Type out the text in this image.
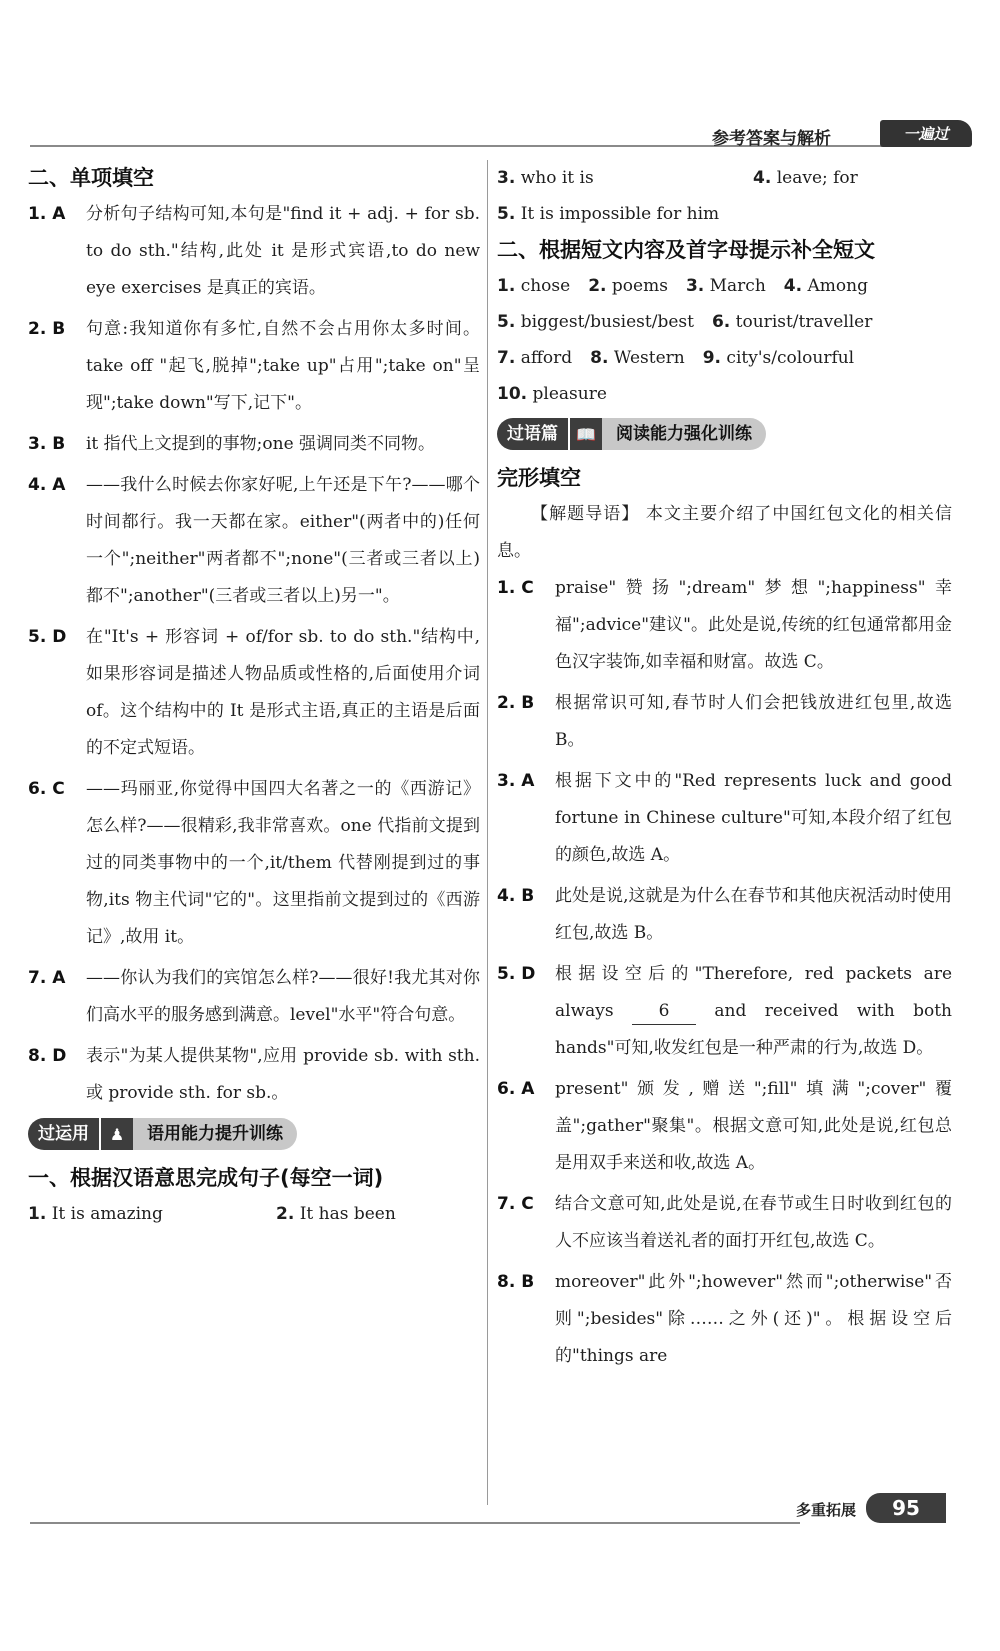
参考答案与解析	一遍过
二、单项填空
1. A	分析句子结构可知,本句是"find it + adj. + for sb. to do sth."结构,此处 it 是形式宾语,to do new eye exercises 是真正的宾语。
2. B	句意:我知道你有多忙,自然不会占用你太多时间。take off "起飞,脱掉";take up"占用";take on"呈现";take down"写下,记下"。
3. B	it 指代上文提到的事物;one 强调同类不同物。
4. A	——我什么时候去你家好呢,上午还是下午?——哪个时间都行。我一天都在家。either"(两者中的)任何一个";neither"两者都不";none"(三者或三者以上)都不";another"(三者或三者以上)另一"。
5. D	在"It's + 形容词 + of/for sb. to do sth."结构中,如果形容词是描述人物品质或性格的,后面使用介词 of。这个结构中的 It 是形式主语,真正的主语是后面的不定式短语。
6. C	——玛丽亚,你觉得中国四大名著之一的《西游记》怎么样?——很精彩,我非常喜欢。one 代指前文提到过的同类事物中的一个,it/them 代替刚提到过的事物,its 物主代词"它的"。这里指前文提到过的《西游记》,故用 it。
7. A	——你认为我们的宾馆怎么样?——很好!我尤其对你们高水平的服务感到满意。level"水平"符合句意。
8. D	表示"为某人提供某物",应用 provide sb. with sth. 或 provide sth. for sb.。
过运用	♟	语用能力提升训练
一、根据汉语意思完成句子(每空一词)
1. It is amazing	2. It has been
3. who it is	4. leave; for
5. It is impossible for him
二、根据短文内容及首字母提示补全短文
1. chose 2. poems 3. March 4. Among
5. biggest/busiest/best 6. tourist/traveller
7. afford 8. Western 9. city's/colourful
10. pleasure
过语篇	📖	阅读能力强化训练
完形填空
【解题导语】 本文主要介绍了中国红包文化的相关信息。
1. C	praise"赞扬";dream"梦想";happiness"幸福";advice"建议"。此处是说,传统的红包通常都用金色汉字装饰,如幸福和财富。故选 C。
2. B	根据常识可知,春节时人们会把钱放进红包里,故选 B。
3. A	根据下文中的"Red represents luck and good fortune in Chinese culture"可知,本段介绍了红包的颜色,故选 A。
4. B	此处是说,这就是为什么在春节和其他庆祝活动时使用红包,故选 B。
5. D	根据设空后的"Therefore, red packets are always	6	and received with both hands"可知,收发红包是一种严肃的行为,故选 D。
6. A	present"颁发,赠送";fill"填满";cover"覆盖";gather"聚集"。根据文意可知,此处是说,红包总是用双手来送和收,故选 A。
7. C	结合文意可知,此处是说,在春节或生日时收到红包的人不应该当着送礼者的面打开红包,故选 C。
8. B	moreover"此外";however"然而";otherwise"否则";besides"除……之外(还)"。根据设空后的"things are
多重拓展	95
